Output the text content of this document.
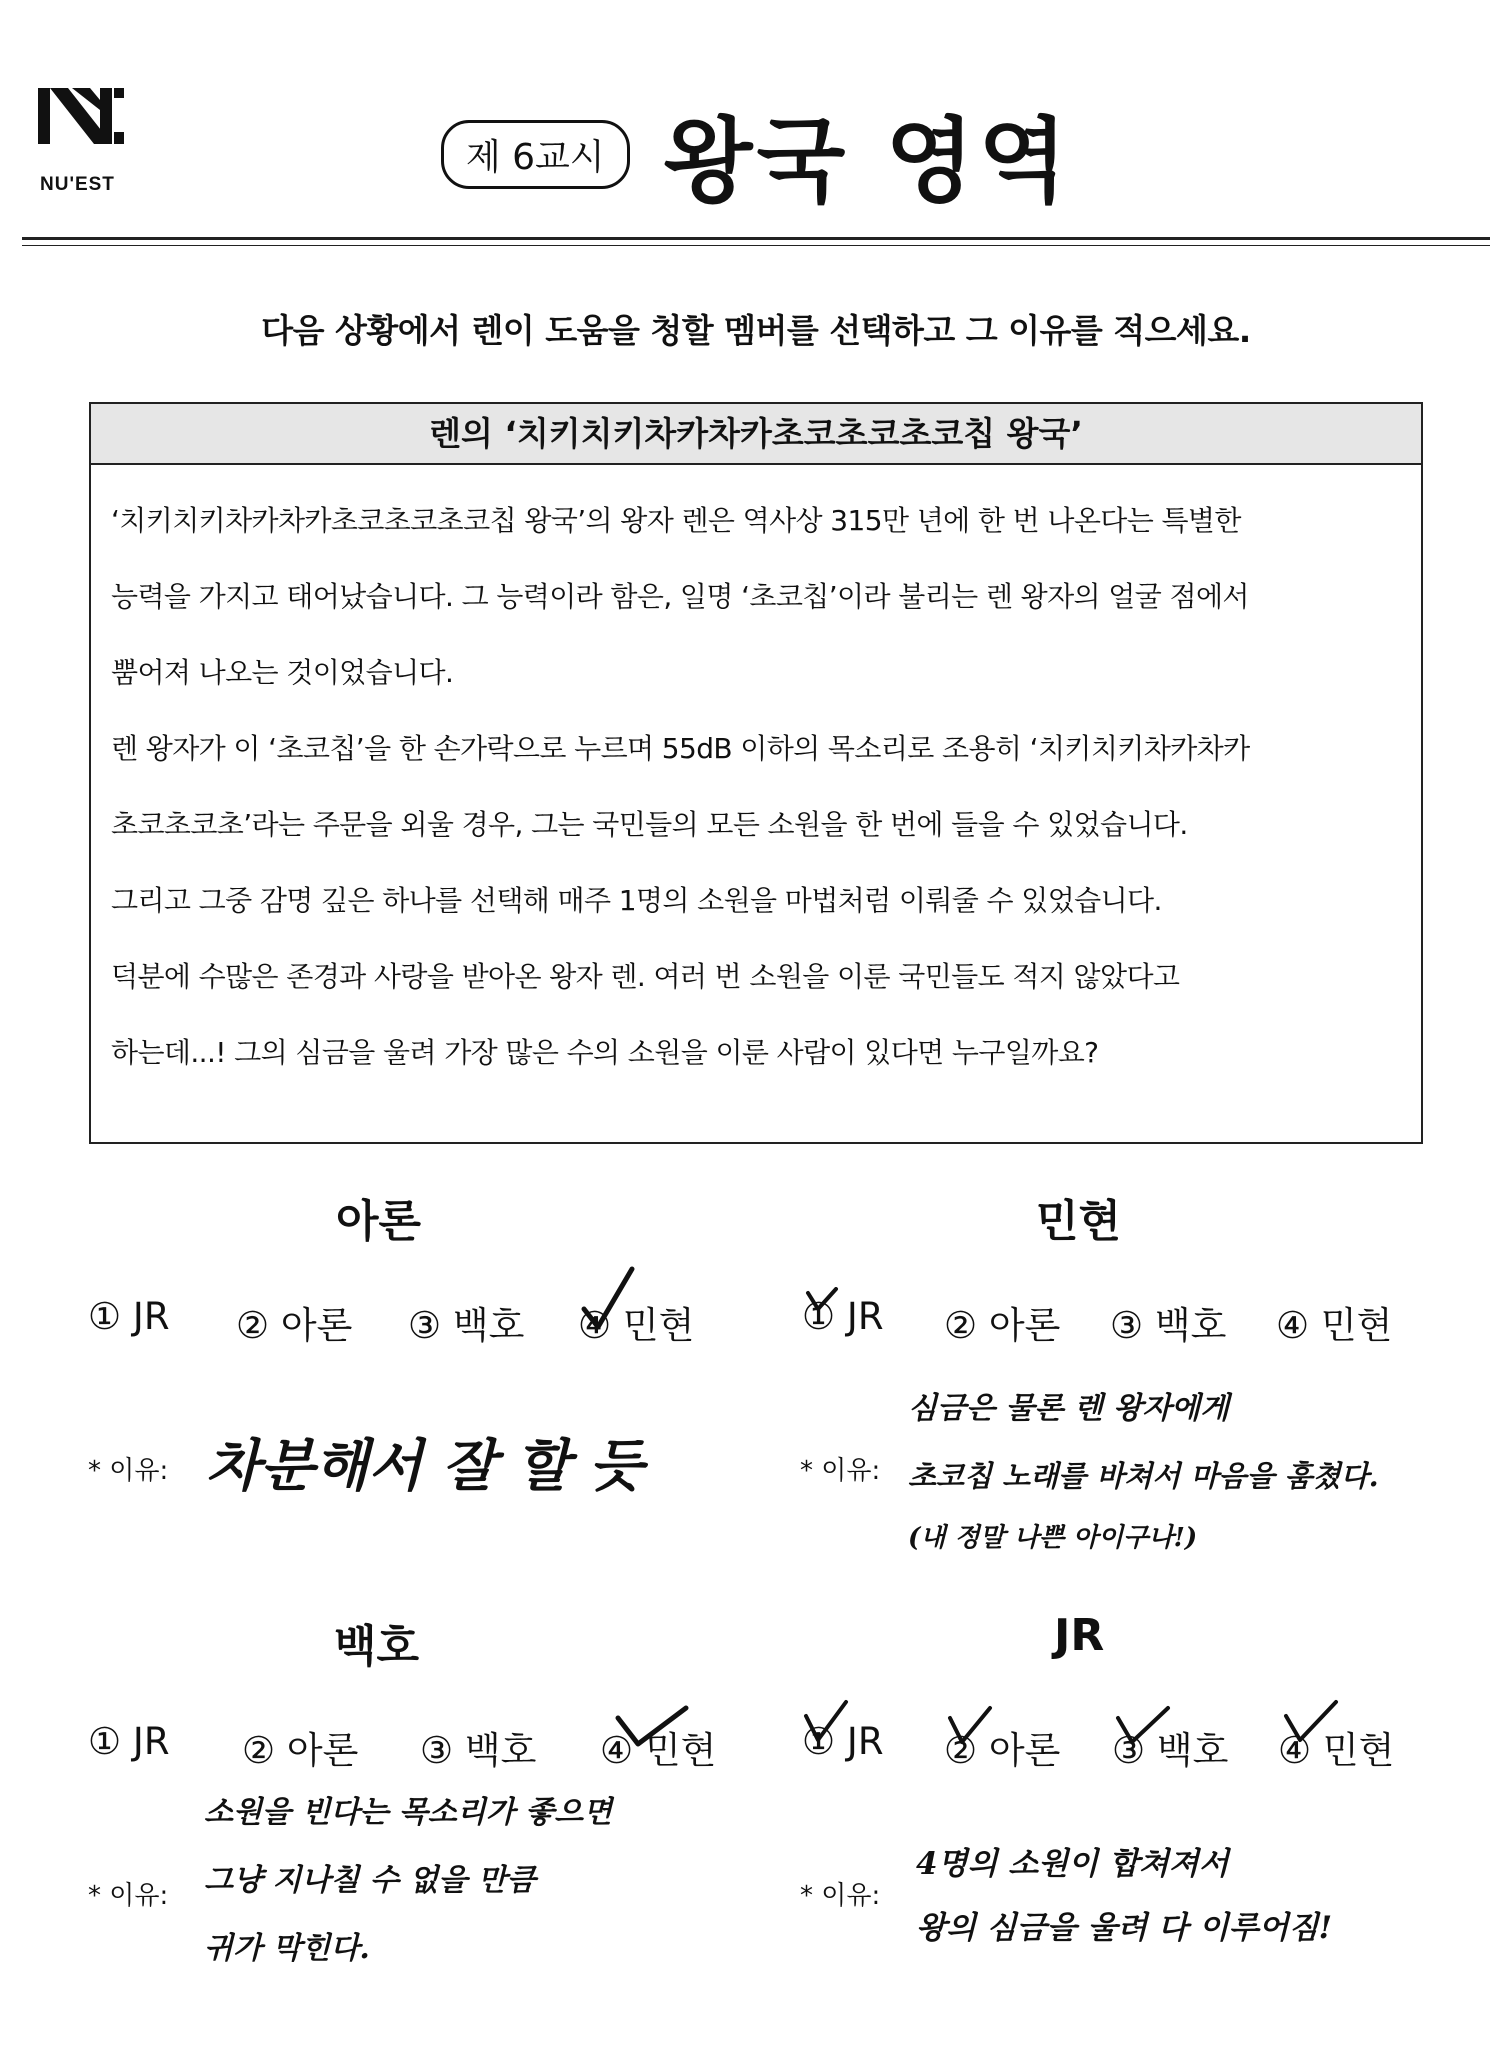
NU'EST
제 6교시 왕국 영역
다음 상황에서 렌이 도움을 청할 멤버를 선택하고 그 이유를 적으세요.
렌의 ‘치키치키차카차카초코초코초코칩 왕국’
‘치키치키차카차카초코초코초코칩 왕국’의 왕자 렌은 역사상 315만 년에 한 번 나온다는 특별한
능력을 가지고 태어났습니다. 그 능력이라 함은, 일명 ‘초코칩’이라 불리는 렌 왕자의 얼굴 점에서
뿜어져 나오는 것이었습니다.
렌 왕자가 이 ‘초코칩’을 한 손가락으로 누르며 55dB 이하의 목소리로 조용히 ‘치키치키차카차카
초코초코초’라는 주문을 외울 경우, 그는 국민들의 모든 소원을 한 번에 들을 수 있었습니다.
그리고 그중 감명 깊은 하나를 선택해 매주 1명의 소원을 마법처럼 이뤄줄 수 있었습니다.
덕분에 수많은 존경과 사랑을 받아온 왕자 렌. 여러 번 소원을 이룬 국민들도 적지 않았다고
하는데...! 그의 심금을 울려 가장 많은 수의 소원을 이룬 사람이 있다면 누구일까요?
아론
① JR ② 아론 ③ 백호 ④ 민현
* 이유: 차분해서 잘 할 듯
민현
① JR ② 아론 ③ 백호 ④ 민현
* 이유:
심금은 물론 렌 왕자에게
초코칩 노래를 바쳐서 마음을 훔쳤다.
(내 정말 나쁜 아이구나!)
백호
① JR ② 아론 ③ 백호 ④ 민현
* 이유:
소원을 빈다는 목소리가 좋으면
그냥 지나칠 수 없을 만큼
귀가 막힌다.
JR
① JR ② 아론 ③ 백호 ④ 민현
* 이유:
4명의 소원이 합쳐져서
왕의 심금을 울려 다 이루어짐!
